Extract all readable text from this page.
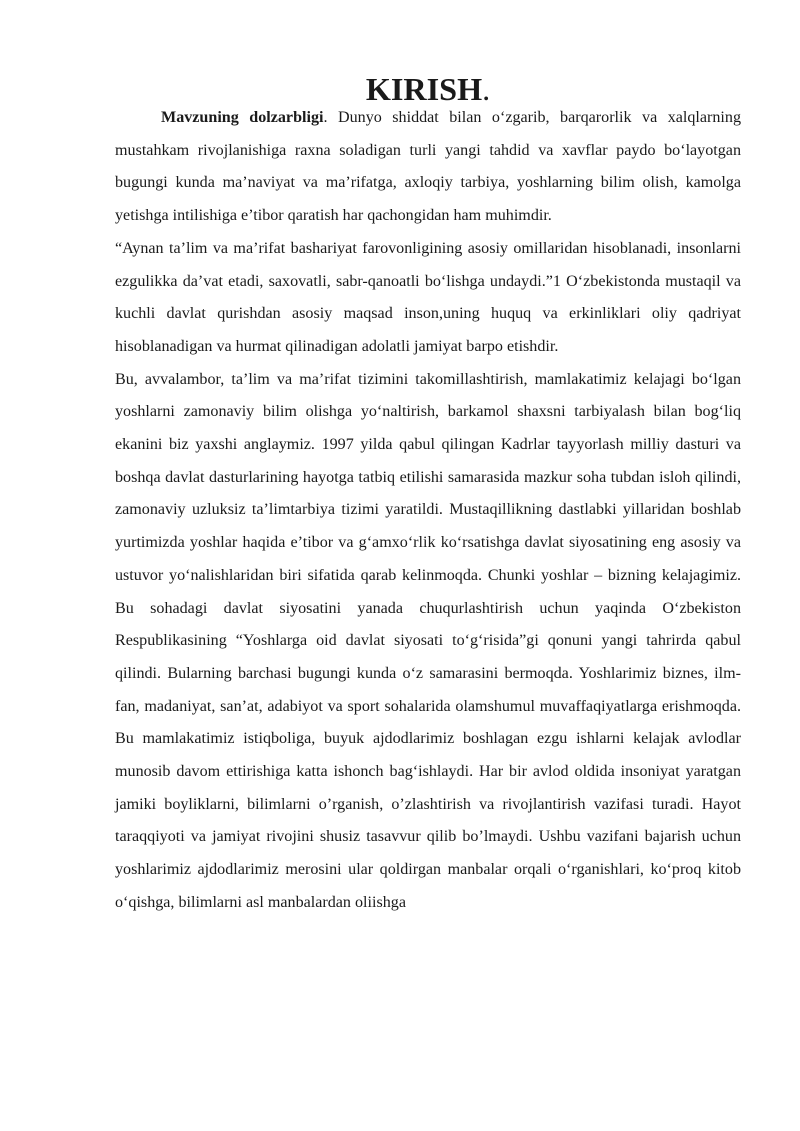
KIRISH.

Mavzuning dolzarbligi. Dunyo shiddat bilan o‘zgarib, barqarorlik va xalqlarning mustahkam rivojlanishiga raxna soladigan turli yangi tahdid va xavflar paydo bo‘layotgan bugungi kunda ma’naviyat va ma’rifatga, axloqiy tarbiya, yoshlarning bilim olish, kamolga yetishga intilishiga e’tibor qaratish har qachongidan ham muhimdir.

“Aynan ta’lim va ma’rifat bashariyat farovonligining asosiy omillaridan hisoblanadi, insonlarni ezgulikka da’vat etadi, saxovatli, sabr-qanoatli bo‘lishga undaydi.”1 O‘zbekistonda mustaqil va kuchli davlat qurishdan asosiy maqsad inson,uning huquq va erkinliklari oliy qadriyat hisoblanadigan va hurmat qilinadigan adolatli jamiyat barpo etishdir.

Bu, avvalambor, ta’lim va ma’rifat tizimini takomillashtirish, mamlakatimiz kelajagi bo‘lgan yoshlarni zamonaviy bilim olishga yo‘naltirish, barkamol shaxsni tarbiyalash bilan bog‘liq ekanini biz yaxshi anglaymiz. 1997 yilda qabul qilingan Kadrlar tayyorlash milliy dasturi va boshqa davlat dasturlarining hayotga tatbiq etilishi samarasida mazkur soha tubdan isloh qilindi, zamonaviy uzluksiz ta’limtarbiya tizimi yaratildi. Mustaqillikning dastlabki yillaridan boshlab yurtimizda yoshlar haqida e’tibor va g‘amxo‘rlik ko‘rsatishga davlat siyosatining eng asosiy va ustuvor yo‘nalishlaridan biri sifatida qarab kelinmoqda. Chunki yoshlar – bizning kelajagimiz. Bu sohadagi davlat siyosatini yanada chuqurlashtirish uchun yaqinda O‘zbekiston Respublikasining “Yoshlarga oid davlat siyosati to‘g‘risida”gi qonuni yangi tahrirda qabul qilindi. Bularning barchasi bugungi kunda o‘z samarasini bermoqda. Yoshlarimiz biznes, ilm-fan, madaniyat, san’at, adabiyot va sport sohalarida olamshumul muvaffaqiyatlarga erishmoqda. Bu mamlakatimiz istiqboliga, buyuk ajdodlarimiz boshlagan ezgu ishlarni kelajak avlodlar munosib davom ettirishiga katta ishonch bag‘ishlaydi. Har bir avlod oldida insoniyat yaratgan jamiki boyliklarni, bilimlarni o’rganish, o’zlashtirish va rivojlantirish vazifasi turadi. Hayot taraqqiyoti va jamiyat rivojini shusiz tasavvur qilib bo’lmaydi. Ushbu vazifani bajarish uchun yoshlarimiz ajdodlarimiz merosini ular qoldirgan manbalar orqali o‘rganishlari, ko‘proq kitob o‘qishga, bilimlarni asl manbalardan oliishga
